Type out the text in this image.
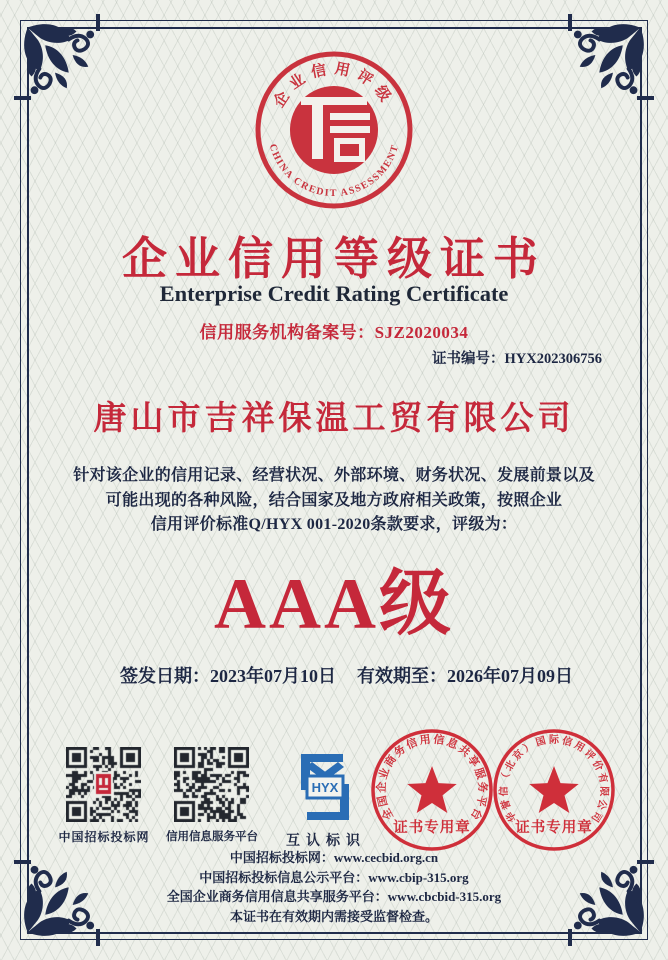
企业信用评级
CHINA CREDIT ASSESSMENT
企业信用等级证书
Enterprise Credit Rating Certificate
信用服务机构备案号：SJZ2020034
证书编号：HYX202306756
唐山市吉祥保温工贸有限公司
针对该企业的信用记录、经营状况、外部环境、财务状况、发展前景以及
可能出现的各种风险，结合国家及地方政府相关政策，按照企业
信用评价标准Q/HYX 001-2020条款要求，评级为：
AAA级
签发日期：2023年07月10日 有效期至：2026年07月09日
中国招标投标网	信用信息服务平台
HYX
互认标识
全国企业商务信用信息共享服务平台
证书专用章
华誉信（北京）国际信用评价有限公司
证书专用章
中国招标投标网：www.cecbid.org.cn
中国招标投标信息公示平台：www.cbip-315.org
全国企业商务信用信息共享服务平台：www.cbcbid-315.org
本证书在有效期内需接受监督检查。
